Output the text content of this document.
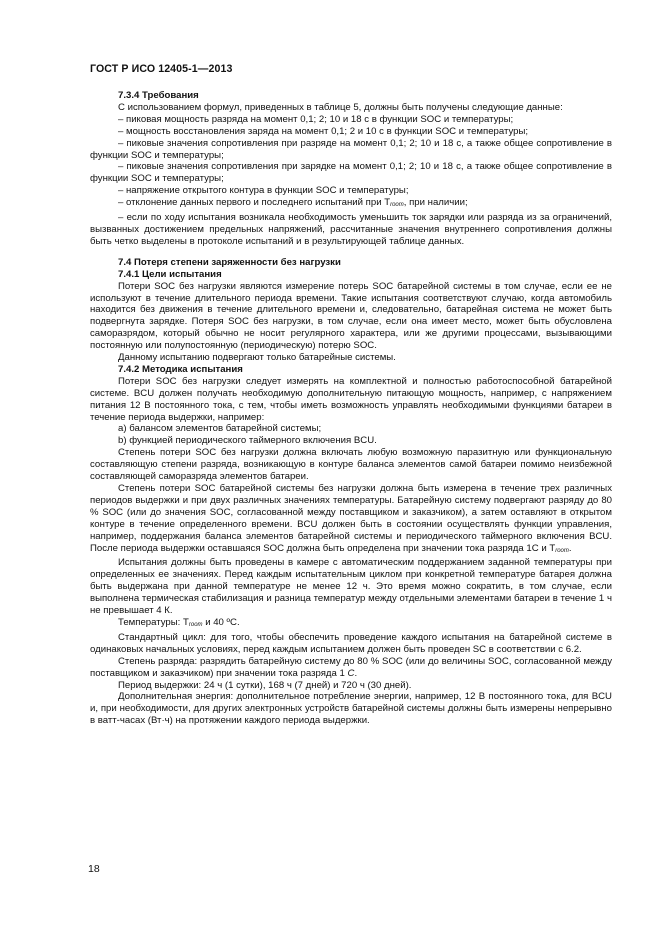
ГОСТ Р ИСО 12405-1—2013
7.3.4 Требования

С использованием формул, приведенных в таблице 5, должны быть получены следующие данные:

– пиковая мощность разряда на момент 0,1; 2; 10 и 18 с в функции SOC и температуры;

– мощность восстановления заряда на момент 0,1; 2 и 10 с в функции SOC и температуры;

– пиковые значения сопротивления при разряде на момент 0,1; 2; 10 и 18 с, а также общее сопротивление в функции SOC и температуры;

– пиковые значения сопротивления при зарядке на момент 0,1; 2; 10 и 18 с, а также общее сопротивление в функции SOC и температуры;

– напряжение открытого контура в функции SOC и температуры;

– отклонение данных первого и последнего испытаний при Troom, при наличии;

– если по ходу испытания возникала необходимость уменьшить ток зарядки или разряда из за ограничений, вызванных достижением предельных напряжений, рассчитанные значения внутреннего сопротивления должны быть четко выделены в протоколе испытаний и в результирующей таблице данных.

7.4 Потеря степени заряженности без нагрузки
7.4.1 Цели испытания

Потери SOC без нагрузки являются измерение потерь SOC батарейной системы в том случае, если ее не используют в течение длительного периода времени. Такие испытания соответствуют случаю, когда автомобиль находится без движения в течение длительного времени и, следовательно, батарейная система не может быть подвергнута зарядке. Потеря SOC без нагрузки, в том случае, если она имеет место, может быть обусловлена саморазрядом, который обычно не носит регулярного характера, или же другими процессами, вызывающими постоянную или полупостоянную (периодическую) потерю SOC.

Данному испытанию подвергают только батарейные системы.

7.4.2 Методика испытания

Потери SOC без нагрузки следует измерять на комплектной и полностью работоспособной батарейной системе. BCU должен получать необходимую дополнительную питающую мощность, например, с напряжением питания 12 В постоянного тока, с тем, чтобы иметь возможность управлять необходимыми функциями батареи в течение периода выдержки, например:

а) балансом элементов батарейной системы;

b) функцией периодического таймерного включения BCU.

Степень потери SOC без нагрузки должна включать любую возможную паразитную или функциональную составляющую степени разряда, возникающую в контуре баланса элементов самой батареи помимо неизбежной составляющей саморазряда элементов батареи.

Степень потери SOC батарейной системы без нагрузки должна быть измерена в течение трех различных периодов выдержки и при двух различных значениях температуры. Батарейную систему подвергают разряду до 80 % SOC (или до значения SOC, согласованной между поставщиком и заказчиком), а затем оставляют в открытом контуре в течение определенного времени. BCU должен быть в состоянии осуществлять функции управления, например, поддержания баланса элементов батарейной системы и периодического таймерного включения BCU. После периода выдержки оставшаяся SOC должна быть определена при значении тока разряда 1С и Troom.

Испытания должны быть проведены в камере с автоматическим поддержанием заданной температуры при определенных ее значениях. Перед каждым испытательным циклом при конкретной температуре батарея должна быть выдержана при данной температуре не менее 12 ч. Это время можно сократить, в том случае, если выполнена термическая стабилизация и разница температур между отдельными элементами батареи в течение 1 ч не превышает 4 К.

Температуры: Troom и 40 ºС.

Стандартный цикл: для того, чтобы обеспечить проведение каждого испытания на батарейной системе в одинаковых начальных условиях, перед каждым испытанием должен быть проведен SC в соответствии с 6.2.

Степень разряда: разрядить батарейную систему до 80 % SOC (или до величины SOC, согласованной между поставщиком и заказчиком) при значении тока разряда 1 C.

Период выдержки: 24 ч (1 сутки), 168 ч (7 дней) и 720 ч (30 дней).

Дополнительная энергия: дополнительное потребление энергии, например, 12 В постоянного тока, для BCU и, при необходимости, для других электронных устройств батарейной системы должны быть измерены непрерывно в ватт-часах (Вт·ч) на протяжении каждого периода выдержки.

18
